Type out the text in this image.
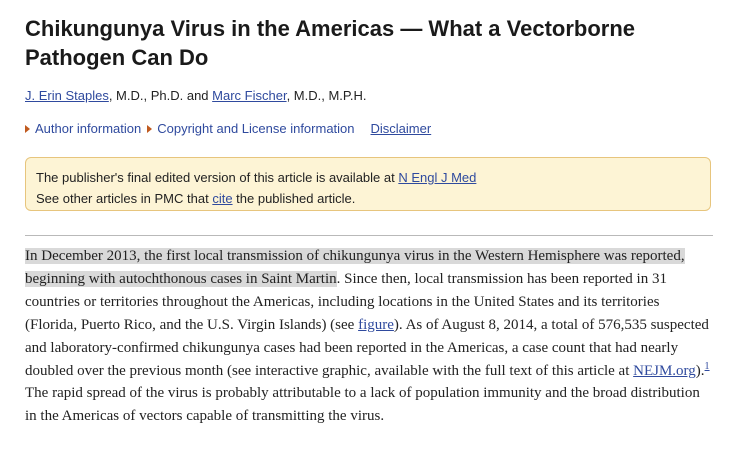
Chikungunya Virus in the Americas — What a Vectorborne Pathogen Can Do
J. Erin Staples, M.D., Ph.D. and Marc Fischer, M.D., M.P.H.
Author information Copyright and License information Disclaimer
The publisher's final edited version of this article is available at N Engl J Med
See other articles in PMC that cite the published article.

In December 2013, the first local transmission of chikungunya virus in the Western Hemisphere was reported, beginning with autochthonous cases in Saint Martin. Since then, local transmission has been reported in 31 countries or territories throughout the Americas, including locations in the United States and its territories (Florida, Puerto Rico, and the U.S. Virgin Islands) (see figure). As of August 8, 2014, a total of 576,535 suspected and laboratory-confirmed chikungunya cases had been reported in the Americas, a case count that had nearly doubled over the previous month (see interactive graphic, available with the full text of this article at NEJM.org).$^1$ The rapid spread of the virus is probably attributable to a lack of population immunity and the broad distribution in the Americas of vectors capable of transmitting the virus.
